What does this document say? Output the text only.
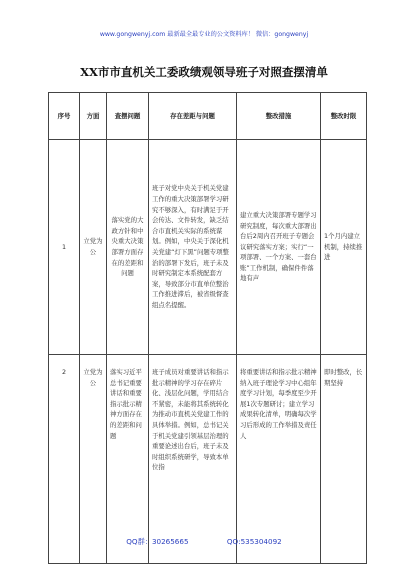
www.gongwenyj.com 最新最全最专业的公文资料库！ 微信：gongwenyj
XX市市直机关工委政绩观领导班子对照查摆清单
序号	方面	查摆问题	存在差距与问题	整改措施	整改时限
1	立党为公	落实党的大政方针和中央重大决策部署方面存在的差距和问题	班子对党中央关于机关党建工作的重大决策部署学习研究不够深入，有时满足于开会传达、文件转发，缺乏结合市直机关实际的系统谋划。例如，中央关于深化机关党建“灯下黑”问题专项整治的部署下发后，班子未及时研究制定本系统配套方案，导致部分市直单位整治工作推进滞后，被省级督查组点名提醒。	建立重大决策部署专题学习研究制度，每次重大部署出台后2周内召开班子专题会议研究落实方案；实行“一项部署、一个方案、一套台账”工作机制，确保件件落地有声	1个月内建立机制，持续推进

2	立党为公	落实习近平总书记重要讲话和重要指示批示精神方面存在的差距和问题	班子成员对重要讲话和指示批示精神的学习存在碎片化、浅层化问题，学用结合不紧密，未能将其系统转化为推动市直机关党建工作的具体举措。例如，总书记关于机关党建引领基层治理的重要论述出台后，班子未及时组织系统研学，导致本单位指	将重要讲话和指示批示精神纳入班子理论学习中心组年度学习计划，每季度至少开展1次专题研讨；建立学习成果转化清单，明确每次学习后形成的工作举措及责任人	即时整改，长期坚持
QQ群：30265665	QQ:535304092
